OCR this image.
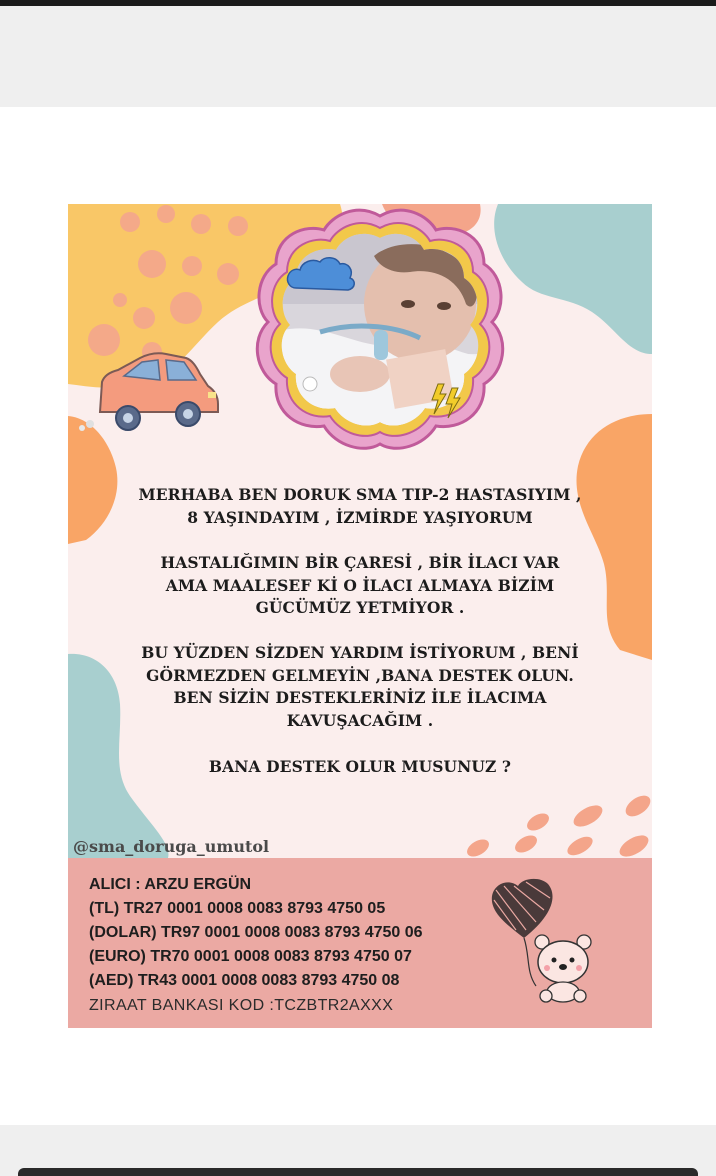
MERHABA BEN DORUK SMA TIP-2 HASTASIYIM ,
8 YAŞINDAYIM , İZMİRDE YAŞIYORUM
HASTALIĞIMIN BİR ÇARESİ , BİR İLACI VAR
AMA MAALESEF Kİ O İLACI ALMAYA BİZİM
GÜCÜMÜZ YETMİYOR .
BU YÜZDEN SİZDEN YARDIM İSTİYORUM , BENİ
GÖRMEZDEN GELMEYİN ,BANA DESTEK OLUN.
BEN SİZİN DESTEKLERİNİZ İLE İLACIMA
KAVUŞACAĞIM .
BANA DESTEK OLUR MUSUNUZ ?
@sma_doruga_umutol
ALICI : ARZU ERGÜN
(TL) TR27 0001 0008 0083 8793 4750 05
(DOLAR) TR97 0001 0008 0083 8793 4750 06
(EURO) TR70 0001 0008 0083 8793 4750 07
(AED) TR43 0001 0008 0083 8793 4750 08
ZIRAAT BANKASI KOD :TCZBTR2AXXX
